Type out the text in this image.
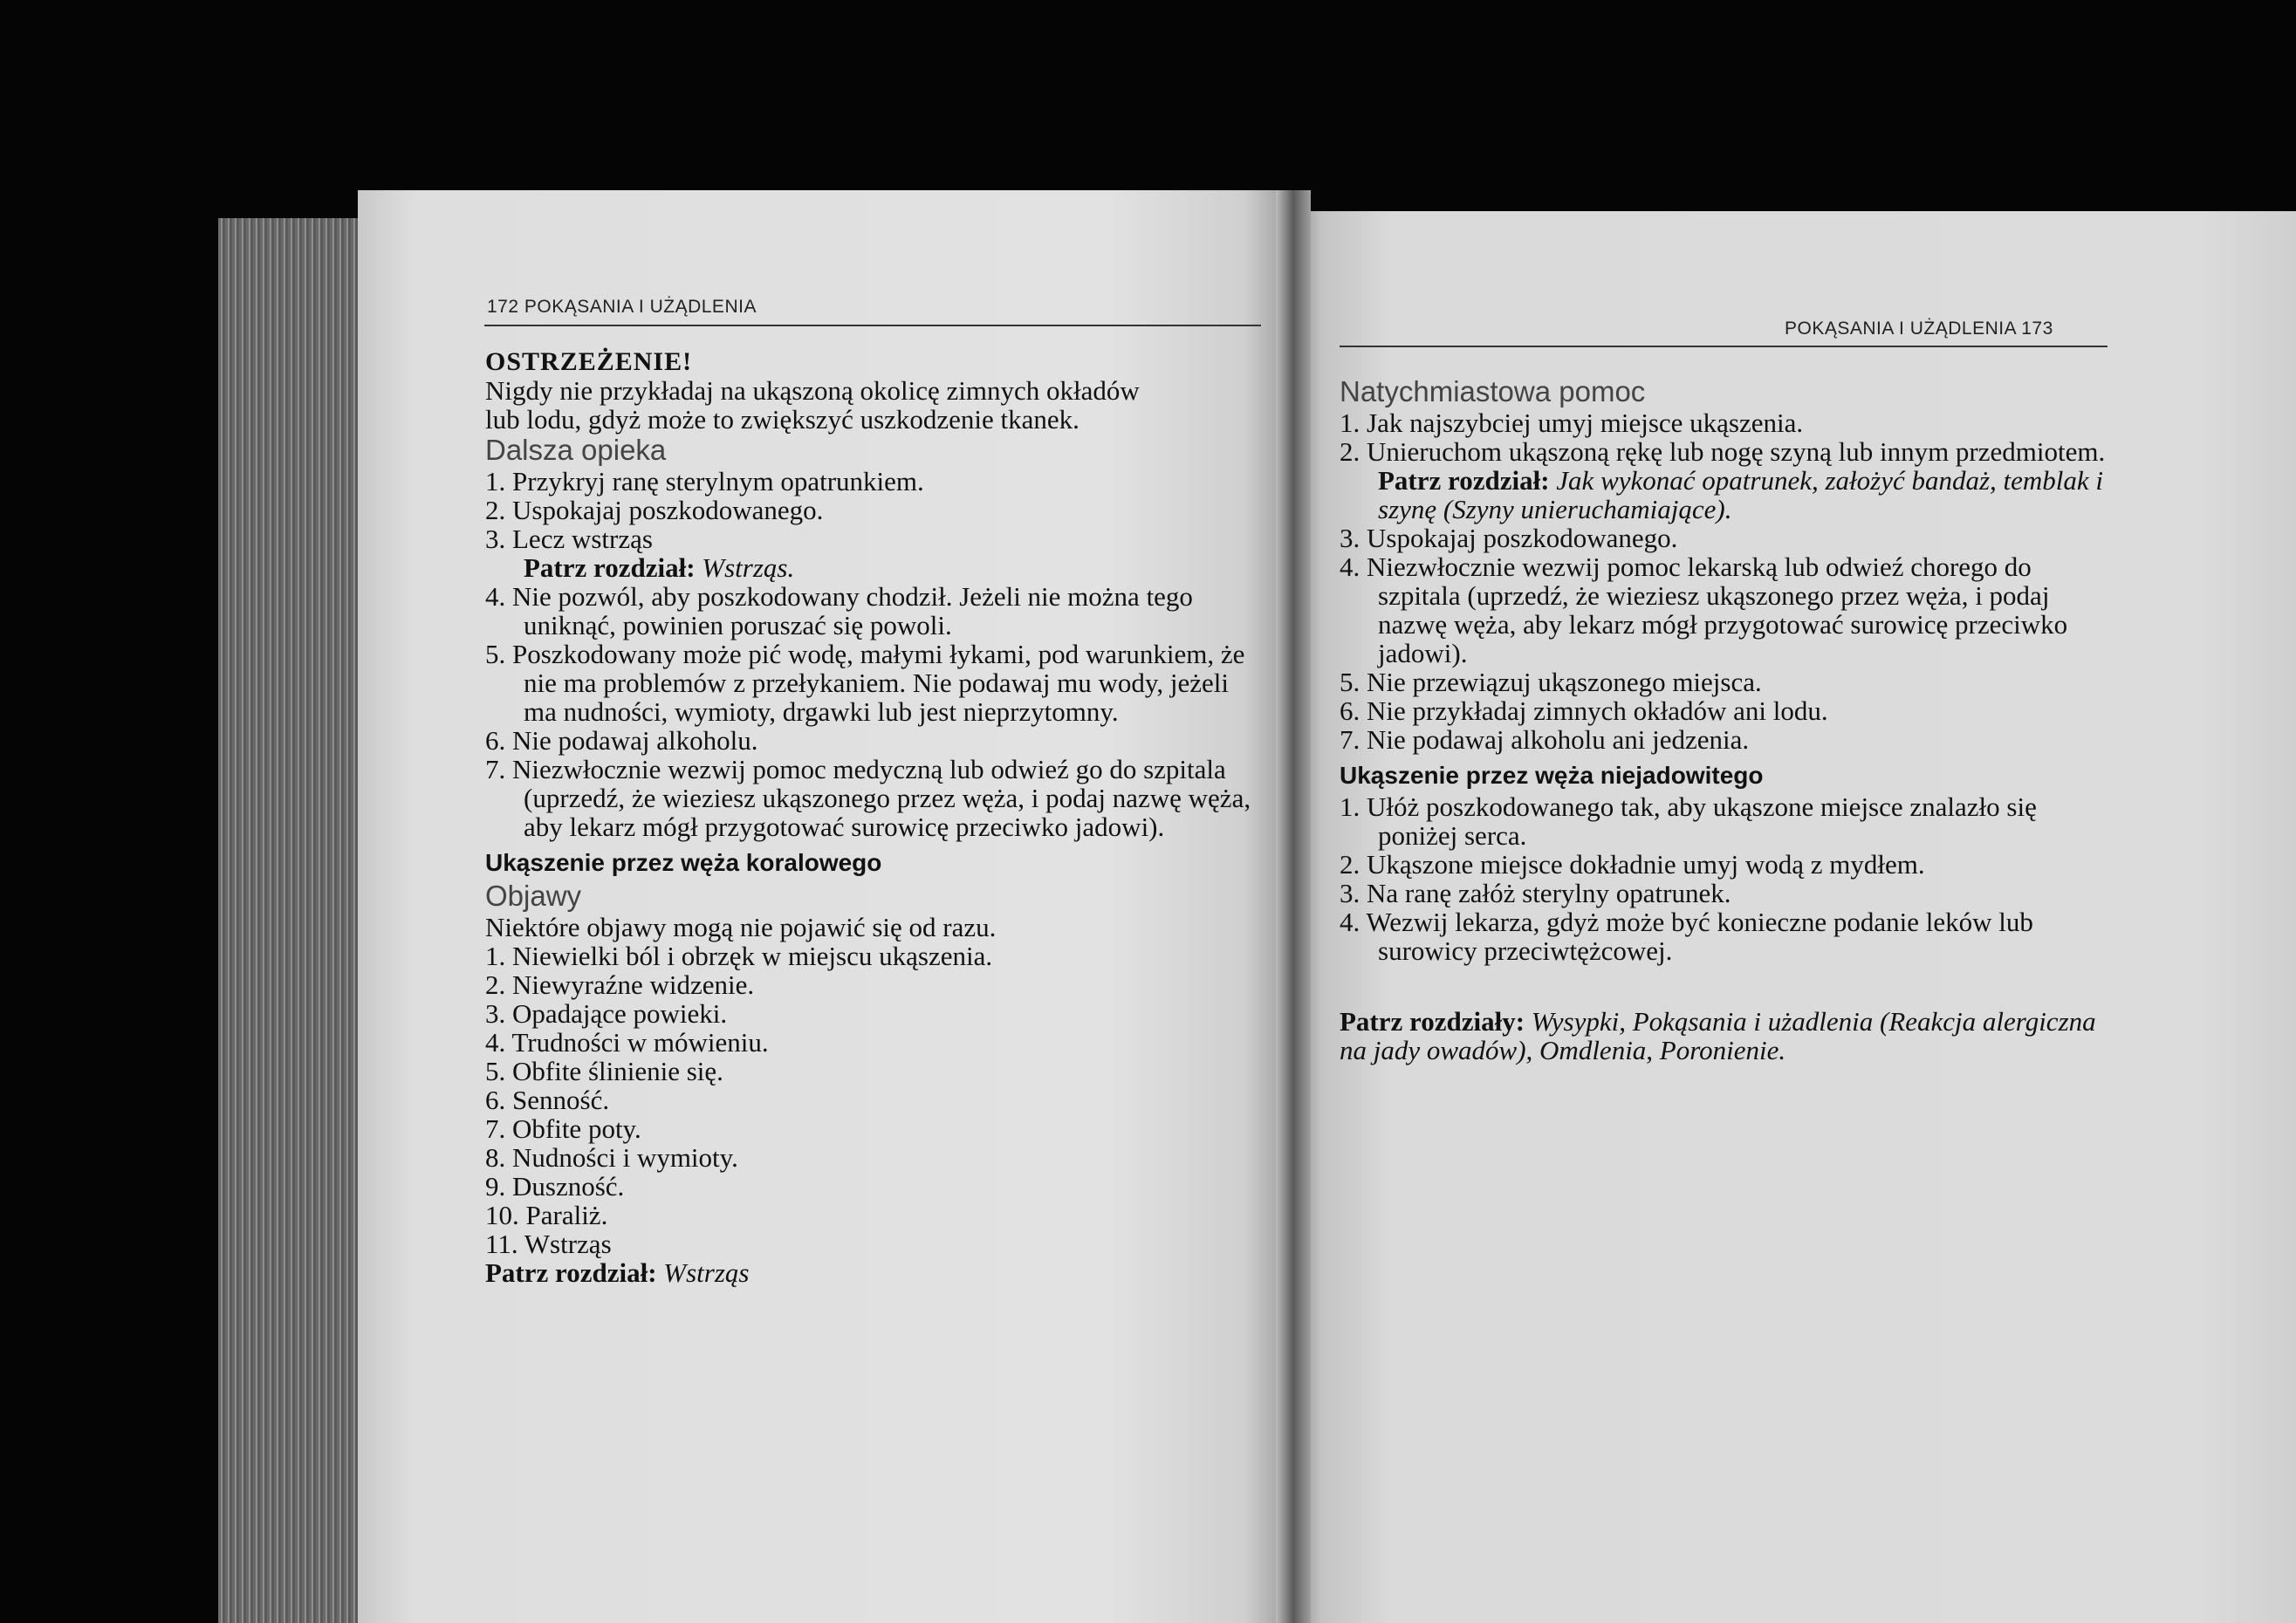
172 POKĄSANIA I UŻĄDLENIA

OSTRZEŻENIE!

Nigdy nie przykładaj na ukąszoną okolicę zimnych okładów

lub lodu, gdyż może to zwiększyć uszkodzenie tkanek.

Dalsza opieka

1. Przykryj ranę sterylnym opatrunkiem.

2. Uspokajaj poszkodowanego.

3. Lecz wstrząs

Patrz rozdział: Wstrząs.

4. Nie pozwól, aby poszkodowany chodził. Jeżeli nie można tego uniknąć, powinien poruszać się powoli.

5. Poszkodowany może pić wodę, małymi łykami, pod warunkiem, że nie ma problemów z przełykaniem. Nie podawaj mu wody, jeżeli ma nudności, wymioty, drgawki lub jest nieprzytomny.

6. Nie podawaj alkoholu.

7. Niezwłocznie wezwij pomoc medyczną lub odwieź go do szpitala (uprzedź, że wieziesz ukąszonego przez węża, i podaj nazwę węża, aby lekarz mógł przygotować surowicę przeciwko jadowi).

Ukąszenie przez węża koralowego

Objawy

Niektóre objawy mogą nie pojawić się od razu.

1. Niewielki ból i obrzęk w miejscu ukąszenia.

2. Niewyraźne widzenie.

3. Opadające powieki.

4. Trudności w mówieniu.

5. Obfite ślinienie się.

6. Senność.

7. Obfite poty.

8. Nudności i wymioty.

9. Duszność.

10. Paraliż.

11. Wstrząs

Patrz rozdział: Wstrząs

POKĄSANIA I UŻĄDLENIA 173

Natychmiastowa pomoc

1. Jak najszybciej umyj miejsce ukąszenia.

2. Unieruchom ukąszoną rękę lub nogę szyną lub innym przedmiotem.

Patrz rozdział: Jak wykonać opatrunek, założyć bandaż, temblak i szynę (Szyny unieruchamiające).

3. Uspokajaj poszkodowanego.

4. Niezwłocznie wezwij pomoc lekarską lub odwieź chorego do szpitala (uprzedź, że wieziesz ukąszonego przez węża, i podaj nazwę węża, aby lekarz mógł przygotować surowicę przeciwko jadowi).

5. Nie przewiązuj ukąszonego miejsca.

6. Nie przykładaj zimnych okładów ani lodu.

7. Nie podawaj alkoholu ani jedzenia.

Ukąszenie przez węża niejadowitego

1. Ułóż poszkodowanego tak, aby ukąszone miejsce znalazło się poniżej serca.

2. Ukąszone miejsce dokładnie umyj wodą z mydłem.

3. Na ranę załóż sterylny opatrunek.

4. Wezwij lekarza, gdyż może być konieczne podanie leków lub surowicy przeciwtężcowej.

Patrz rozdziały: Wysypki, Pokąsania i użadlenia (Reakcja alergiczna na jady owadów), Omdlenia, Poronienie.
